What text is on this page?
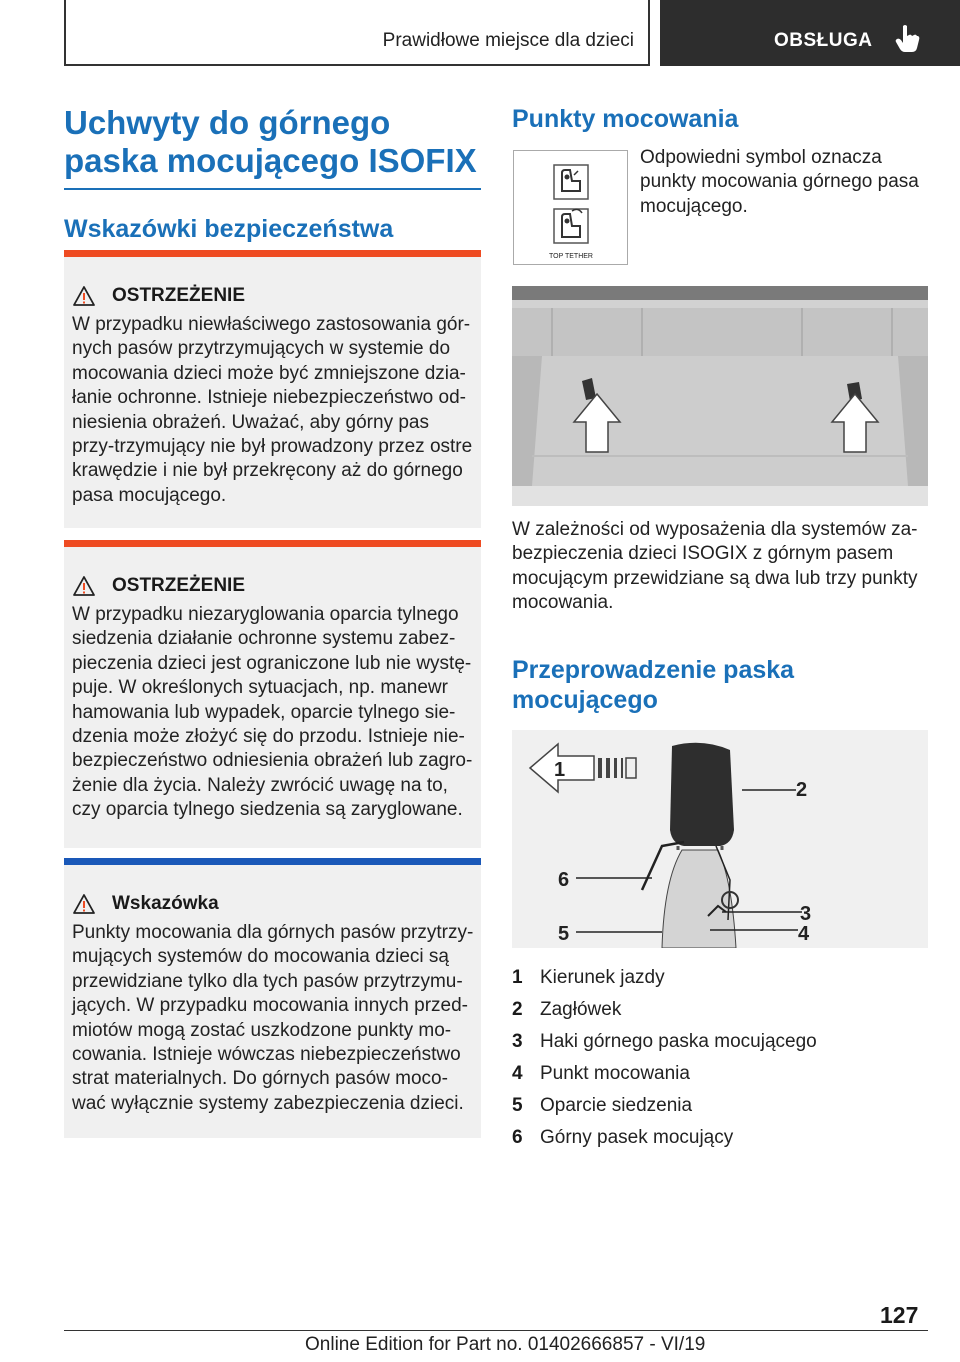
Prawidłowe miejsce dla dzieci	OBSŁUGA
Uchwyty do górnego paska mocującego ISOFIX
Wskazówki bezpieczeństwa
OSTRZEŻENIE
W przypadku niewłaściwego zastosowania gór-nych pasów przytrzymujących w systemie do mocowania dzieci może być zmniejszone dzia-łanie ochronne. Istnieje niebezpieczeństwo od-niesienia obrażeń. Uważać, aby górny pas przy-trzymujący nie był prowadzony przez ostre krawędzie i nie był przekręcony aż do górnego pasa mocującego.
OSTRZEŻENIE
W przypadku niezaryglowania oparcia tylnego siedzenia działanie ochronne systemu zabez-pieczenia dzieci jest ograniczone lub nie wystę-puje. W określonych sytuacjach, np. manewr hamowania lub wypadek, oparcie tylnego sie-dzenia może złożyć się do przodu. Istnieje nie-bezpieczeństwo odniesienia obrażeń lub zagro-żenie dla życia. Należy zwrócić uwagę na to, czy oparcia tylnego siedzenia są zaryglowane.
Wskazówka
Punkty mocowania dla górnych pasów przytrzy-mujących systemów do mocowania dzieci są przewidziane tylko dla tych pasów przytrzymu-jących. W przypadku mocowania innych przed-miotów mogą zostać uszkodzone punkty mo-cowania. Istnieje wówczas niebezpieczeństwo strat materialnych. Do górnych pasów moco-wać wyłącznie systemy zabezpieczenia dzieci.
Punkty mocowania
TOP TETHER
Odpowiedni symbol oznacza punkty mocowania górnego pasa mocującego.
W zależności od wyposażenia dla systemów za-bezpieczenia dzieci ISOGIX z górnym pasem mocującym przewidziane są dwa lub trzy punkty mocowania.
Przeprowadzenie paska mocującego
1
2
3
4
6
5
1 Kierunek jazdy
2 Zagłówek
3 Haki górnego paska mocującego
4 Punkt mocowania
5 Oparcie siedzenia
6 Górny pasek mocujący
127
Online Edition for Part no. 01402666857 - VI/19
